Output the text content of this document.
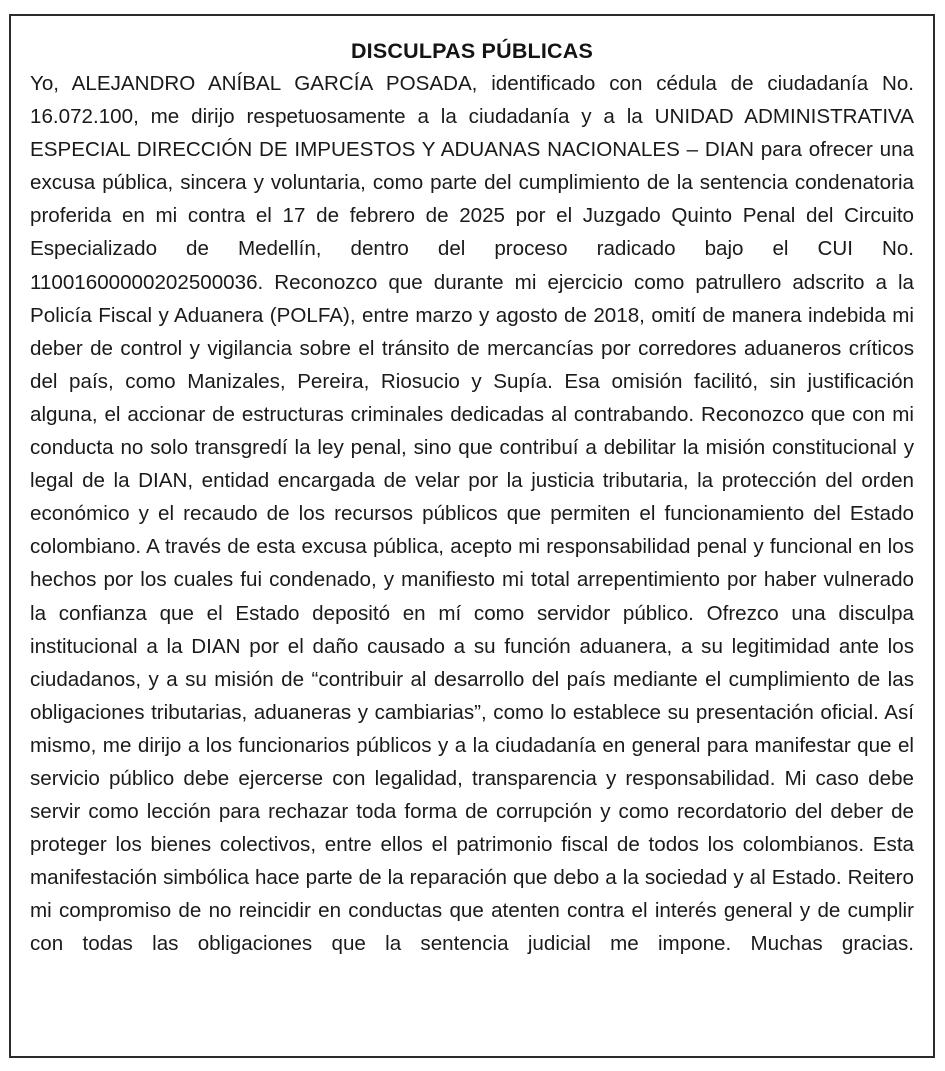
DISCULPAS PÚBLICAS

Yo, ALEJANDRO ANÍBAL GARCÍA POSADA, identificado con cédula de ciudadanía No. 16.072.100, me dirijo respetuosamente a la ciudadanía y a la UNIDAD ADMINISTRATIVA ESPECIAL DIRECCIÓN DE IMPUESTOS Y ADUANAS NACIONALES – DIAN para ofrecer una excusa pública, sincera y voluntaria, como parte del cumplimiento de la sentencia condenatoria proferida en mi contra el 17 de febrero de 2025 por el Juzgado Quinto Penal del Circuito Especializado de Medellín, dentro del proceso radicado bajo el CUI No. 11001600000202500036. Reconozco que durante mi ejercicio como patrullero adscrito a la Policía Fiscal y Aduanera (POLFA), entre marzo y agosto de 2018, omití de manera indebida mi deber de control y vigilancia sobre el tránsito de mercancías por corredores aduaneros críticos del país, como Manizales, Pereira, Riosucio y Supía. Esa omisión facilitó, sin justificación alguna, el accionar de estructuras criminales dedicadas al contrabando. Reconozco que con mi conducta no solo transgredí la ley penal, sino que contribuí a debilitar la misión constitucional y legal de la DIAN, entidad encargada de velar por la justicia tributaria, la protección del orden económico y el recaudo de los recursos públicos que permiten el funcionamiento del Estado colombiano. A través de esta excusa pública, acepto mi responsabilidad penal y funcional en los hechos por los cuales fui condenado, y manifiesto mi total arrepentimiento por haber vulnerado la confianza que el Estado depositó en mí como servidor público. Ofrezco una disculpa institucional a la DIAN por el daño causado a su función aduanera, a su legitimidad ante los ciudadanos, y a su misión de “contribuir al desarrollo del país mediante el cumplimiento de las obligaciones tributarias, aduaneras y cambiarias”, como lo establece su presentación oficial. Así mismo, me dirijo a los funcionarios públicos y a la ciudadanía en general para manifestar que el servicio público debe ejercerse con legalidad, transparencia y responsabilidad. Mi caso debe servir como lección para rechazar toda forma de corrupción y como recordatorio del deber de proteger los bienes colectivos, entre ellos el patrimonio fiscal de todos los colombianos. Esta manifestación simbólica hace parte de la reparación que debo a la sociedad y al Estado. Reitero mi compromiso de no reincidir en conductas que atenten contra el interés general y de cumplir con todas las obligaciones que la sentencia judicial me impone. Muchas gracias.
